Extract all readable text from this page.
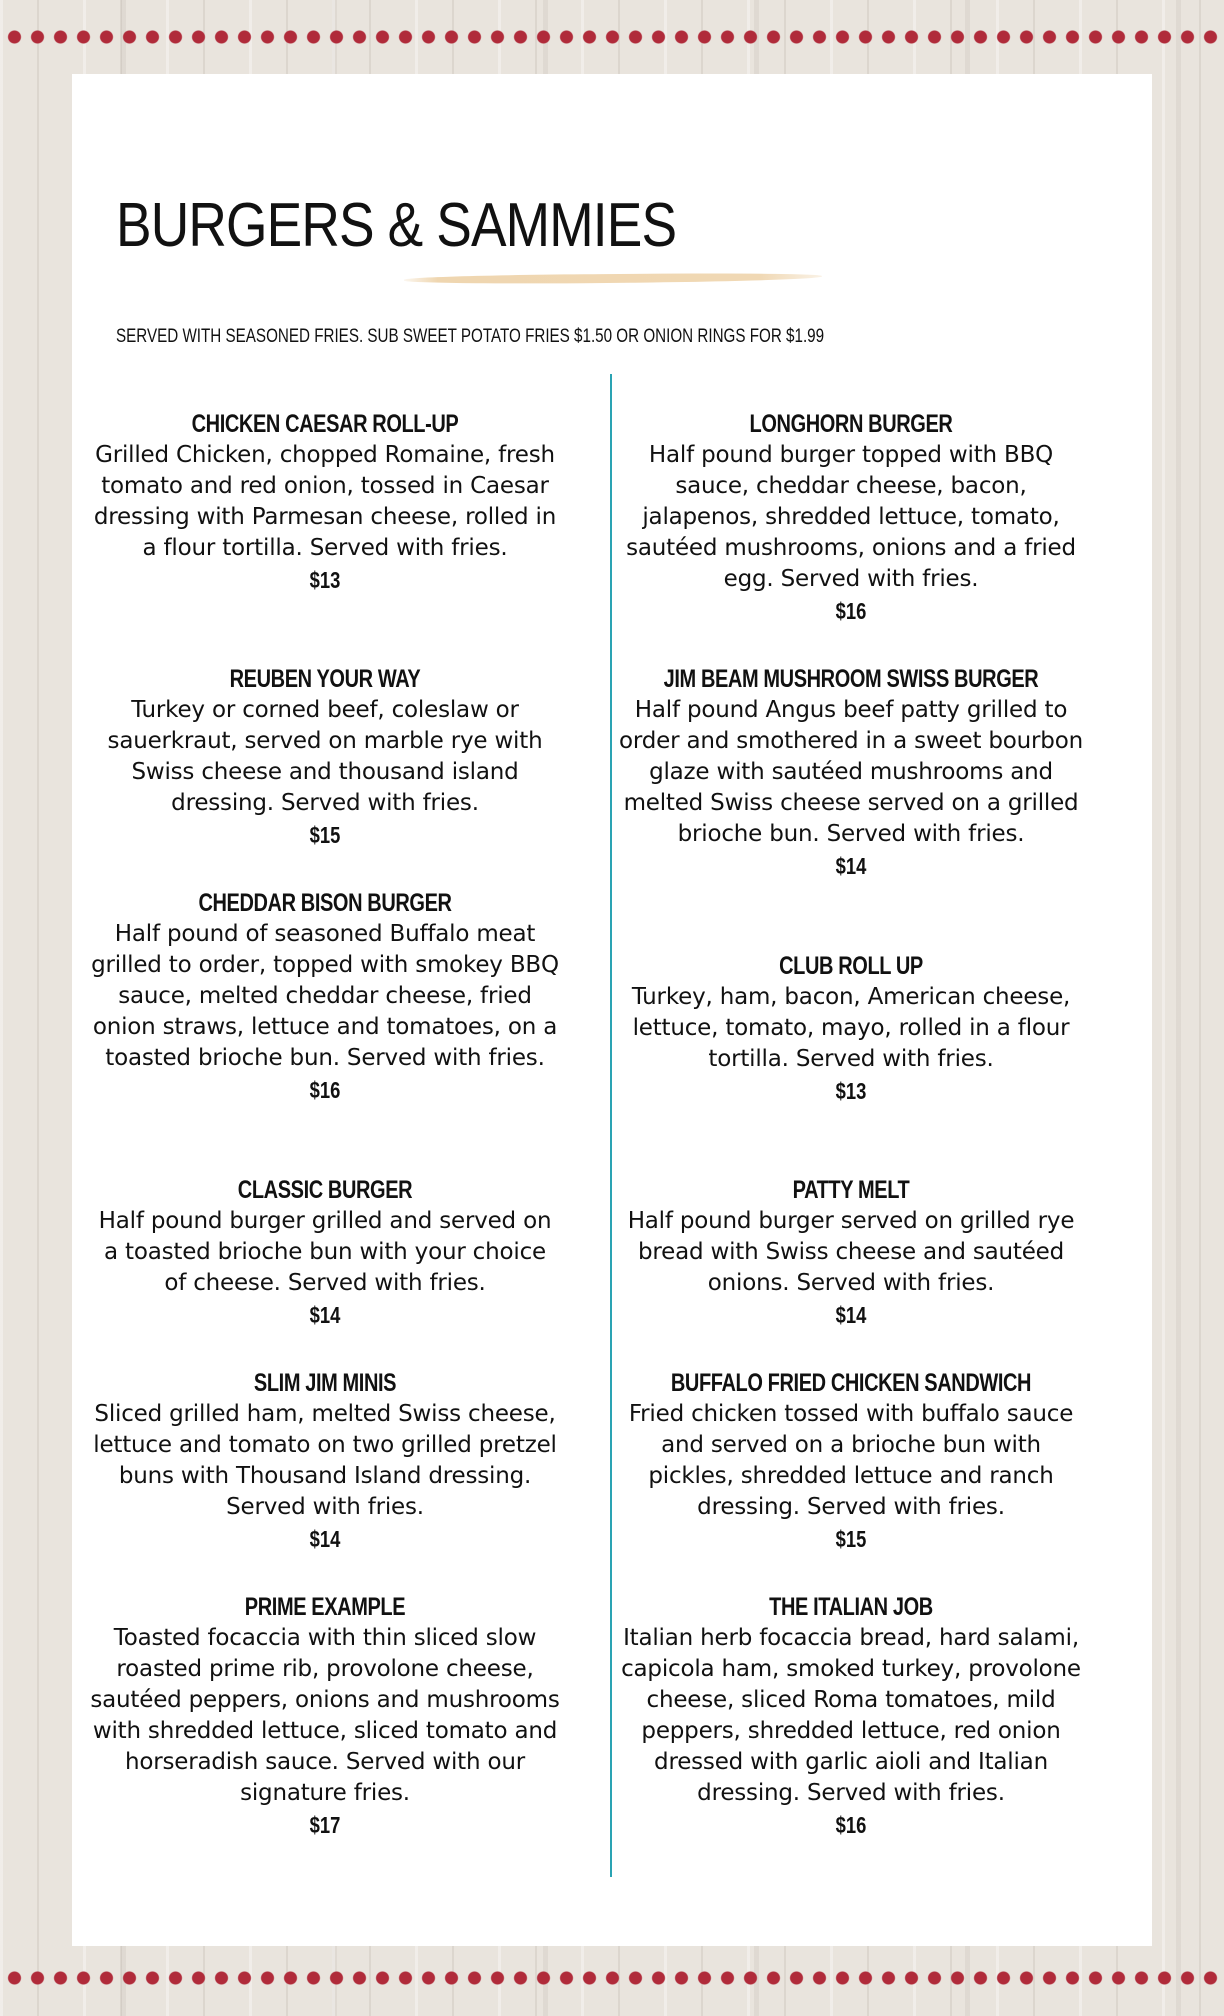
BURGERS & SAMMIES

SERVED WITH SEASONED FRIES. SUB SWEET POTATO FRIES $1.50 OR ONION RINGS FOR $1.99

CHICKEN CAESAR ROLL-UP
Grilled Chicken, chopped Romaine, fresh tomato and red onion, tossed in Caesar dressing with Parmesan cheese, rolled in a flour tortilla. Served with fries.
$13
REUBEN YOUR WAY
Turkey or corned beef, coleslaw or sauerkraut, served on marble rye with Swiss cheese and thousand island dressing. Served with fries.
$15
CHEDDAR BISON BURGER
Half pound of seasoned Buffalo meat grilled to order, topped with smokey BBQ sauce, melted cheddar cheese, fried onion straws, lettuce and tomatoes, on a toasted brioche bun. Served with fries.
$16
CLASSIC BURGER
Half pound burger grilled and served on a toasted brioche bun with your choice of cheese. Served with fries.
$14
SLIM JIM MINIS
Sliced grilled ham, melted Swiss cheese, lettuce and tomato on two grilled pretzel buns with Thousand Island dressing. Served with fries.
$14
PRIME EXAMPLE
Toasted focaccia with thin sliced slow roasted prime rib, provolone cheese, sautéed peppers, onions and mushrooms with shredded lettuce, sliced tomato and horseradish sauce. Served with our signature fries.
$17
LONGHORN BURGER
Half pound burger topped with BBQ sauce, cheddar cheese, bacon, jalapenos, shredded lettuce, tomato, sautéed mushrooms, onions and a fried egg. Served with fries.
$16
JIM BEAM MUSHROOM SWISS BURGER
Half pound Angus beef patty grilled to order and smothered in a sweet bourbon glaze with sautéed mushrooms and melted Swiss cheese served on a grilled brioche bun. Served with fries.
$14
CLUB ROLL UP
Turkey, ham, bacon, American cheese, lettuce, tomato, mayo, rolled in a flour tortilla. Served with fries.
$13
PATTY MELT
Half pound burger served on grilled rye bread with Swiss cheese and sautéed onions. Served with fries.
$14
BUFFALO FRIED CHICKEN SANDWICH
Fried chicken tossed with buffalo sauce and served on a brioche bun with pickles, shredded lettuce and ranch dressing. Served with fries.
$15
THE ITALIAN JOB
Italian herb focaccia bread, hard salami, capicola ham, smoked turkey, provolone cheese, sliced Roma tomatoes, mild peppers, shredded lettuce, red onion dressed with garlic aioli and Italian dressing. Served with fries.
$16
